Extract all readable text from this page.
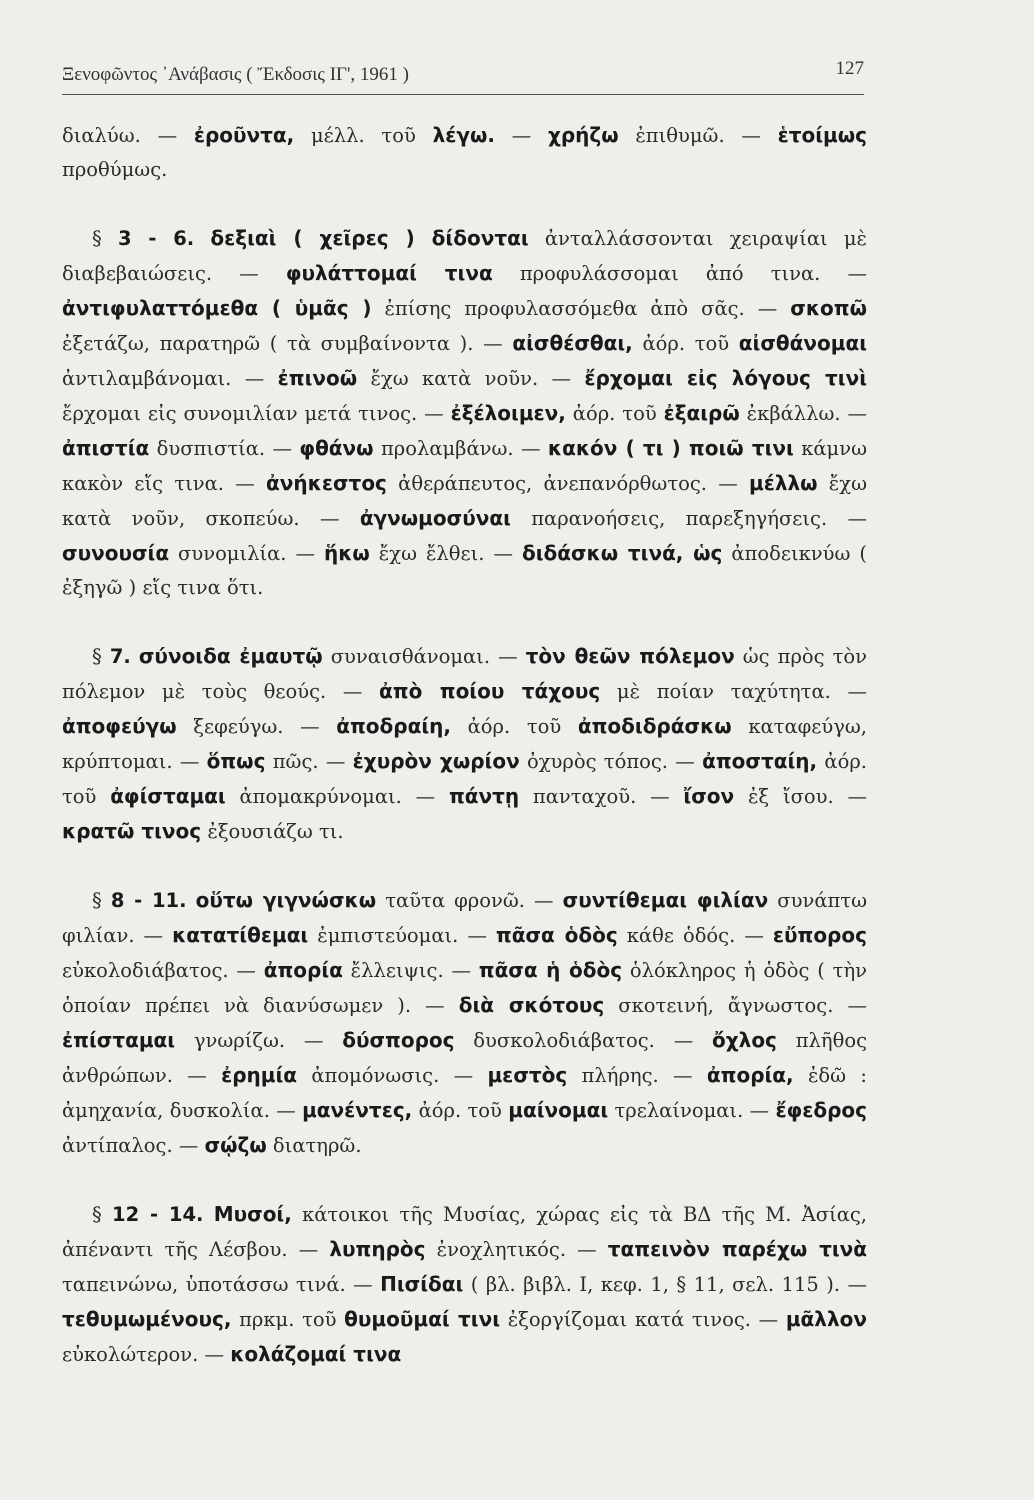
Ξενοφῶντος ᾿Ανάβασις ( Ἔκδοσις ΙΓ', 1961 )	127

διαλύω. — ἐροῦντα, μέλλ. τοῦ λέγω. — χρήζω ἐπιθυμῶ. — ἑτοίμως προθύμως.

§ 3 - 6. δεξιαὶ ( χεῖρες ) δίδονται ἀνταλλάσσονται χειραψίαι μὲ διαβεβαιώσεις. — φυλάττομαί τινα προφυλάσσομαι ἀπό τινα. — ἀντιφυλαττόμεθα ( ὑμᾶς ) ἐπίσης προφυλασσόμεθα ἀπὸ σᾶς. — σκοπῶ ἐξετάζω, παρατηρῶ ( τὰ συμβαίνοντα ). — αἰσθέσθαι, ἀόρ. τοῦ αἰσθάνομαι ἀντιλαμβάνομαι. — ἐπινοῶ ἔχω κατὰ νοῦν. — ἔρχομαι εἰς λόγους τινὶ ἔρχομαι εἰς συνομιλίαν μετά τινος. — ἐξέλοιμεν, ἀόρ. τοῦ ἐξαιρῶ ἐκβάλλω. — ἀπιστία δυσπιστία. — φθάνω προλαμβάνω. — κακόν ( τι ) ποιῶ τινι κάμνω κακὸν εἴς τινα. — ἀνήκεστος ἀθεράπευτος, ἀνεπανόρθωτος. — μέλλω ἔχω κατὰ νοῦν, σκοπεύω. — ἀγνωμοσύναι παρανοήσεις, παρεξηγήσεις. — συνουσία συνομιλία. — ἥκω ἔχω ἔλθει. — διδάσκω τινά, ὡς ἀποδεικνύω ( ἐξηγῶ ) εἴς τινα ὅτι.

§ 7. σύνοιδα ἐμαυτῷ συναισθάνομαι. — τὸν θεῶν πόλεμον ὡς πρὸς τὸν πόλεμον μὲ τοὺς θεούς. — ἀπὸ ποίου τάχους μὲ ποίαν ταχύτητα. — ἀποφεύγω ξεφεύγω. — ἀποδραίη, ἀόρ. τοῦ ἀποδιδράσκω καταφεύγω, κρύπτομαι. — ὅπως πῶς. — ἐχυρὸν χωρίον ὀχυρὸς τόπος. — ἀποσταίη, ἀόρ. τοῦ ἀφίσταμαι ἀπομακρύνομαι. — πάντῃ πανταχοῦ. — ἴσον ἐξ ἴσου. — κρατῶ τινος ἐξουσιάζω τι.

§ 8 - 11. οὕτω γιγνώσκω ταῦτα φρονῶ. — συντίθεμαι φιλίαν συνάπτω φιλίαν. — κατατίθεμαι ἐμπιστεύομαι. — πᾶσα ὁδὸς κάθε ὁδός. — εὔπορος εὐκολοδιάβατος. — ἀπορία ἔλλειψις. — πᾶσα ἡ ὁδὸς ὁλόκληρος ἡ ὁδὸς ( τὴν ὁποίαν πρέπει νὰ διανύσωμεν ). — διὰ σκότους σκοτεινή, ἄγνωστος. — ἐπίσταμαι γνωρίζω. — δύσπορος δυσκολοδιάβατος. — ὄχλος πλῆθος ἀνθρώπων. — ἐρημία ἀπομόνωσις. — μεστὸς πλήρης. — ἀπορία, ἐδῶ : ἀμηχανία, δυσκολία. — μανέντες, ἀόρ. τοῦ μαίνομαι τρελαίνομαι. — ἔφεδρος ἀντίπαλος. — σῴζω διατηρῶ.

§ 12 - 14. Μυσοί, κάτοικοι τῆς Μυσίας, χώρας εἰς τὰ ΒΔ τῆς Μ. Ἀσίας, ἀπέναντι τῆς Λέσβου. — λυπηρὸς ἐνοχλητικός. — ταπεινὸν παρέχω τινὰ ταπεινώνω, ὑποτάσσω τινά. — Πισίδαι ( βλ. βιβλ. Ι, κεφ. 1, § 11, σελ. 115 ). — τεθυμωμένους, πρκμ. τοῦ θυμοῦμαί τινι ἐξοργίζομαι κατά τινος. — μᾶλλον εὐκολώτερον. — κολάζομαί τινα
